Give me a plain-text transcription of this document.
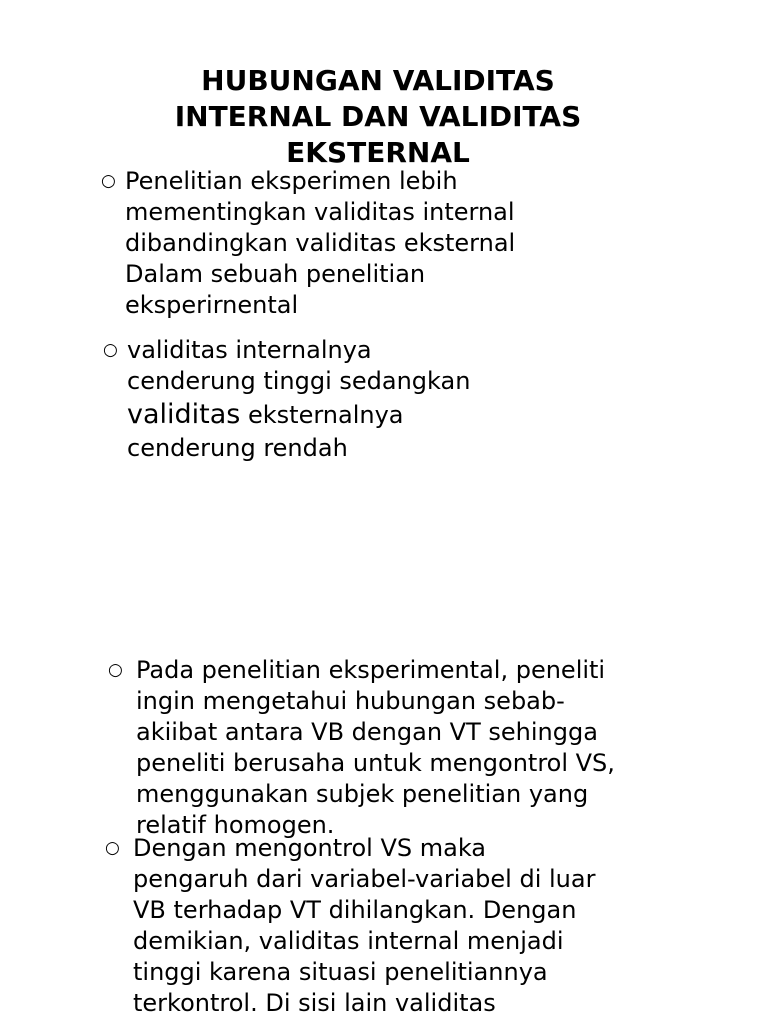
HUBUNGAN VALIDITAS
INTERNAL DAN VALIDITAS
EKSTERNAL
○ Penelitian eksperimen lebih
mementingkan validitas internal
dibandingkan validitas eksternal
Dalam sebuah penelitian
eksperirnental
○ validitas internalnya
cenderung tinggi sedangkan
validitas eksternalnya
cenderung rendah
○ Pada penelitian eksperimental, peneliti
ingin mengetahui hubungan sebab-
akiibat antara VB dengan VT sehingga
peneliti berusaha untuk mengontrol VS,
menggunakan subjek penelitian yang
relatif homogen.
○ Dengan mengontrol VS maka
pengaruh dari variabel-variabel di luar
VB terhadap VT dihilangkan. Dengan
demikian, validitas internal menjadi
tinggi karena situasi penelitiannya
terkontrol. Di sisi lain validitas
